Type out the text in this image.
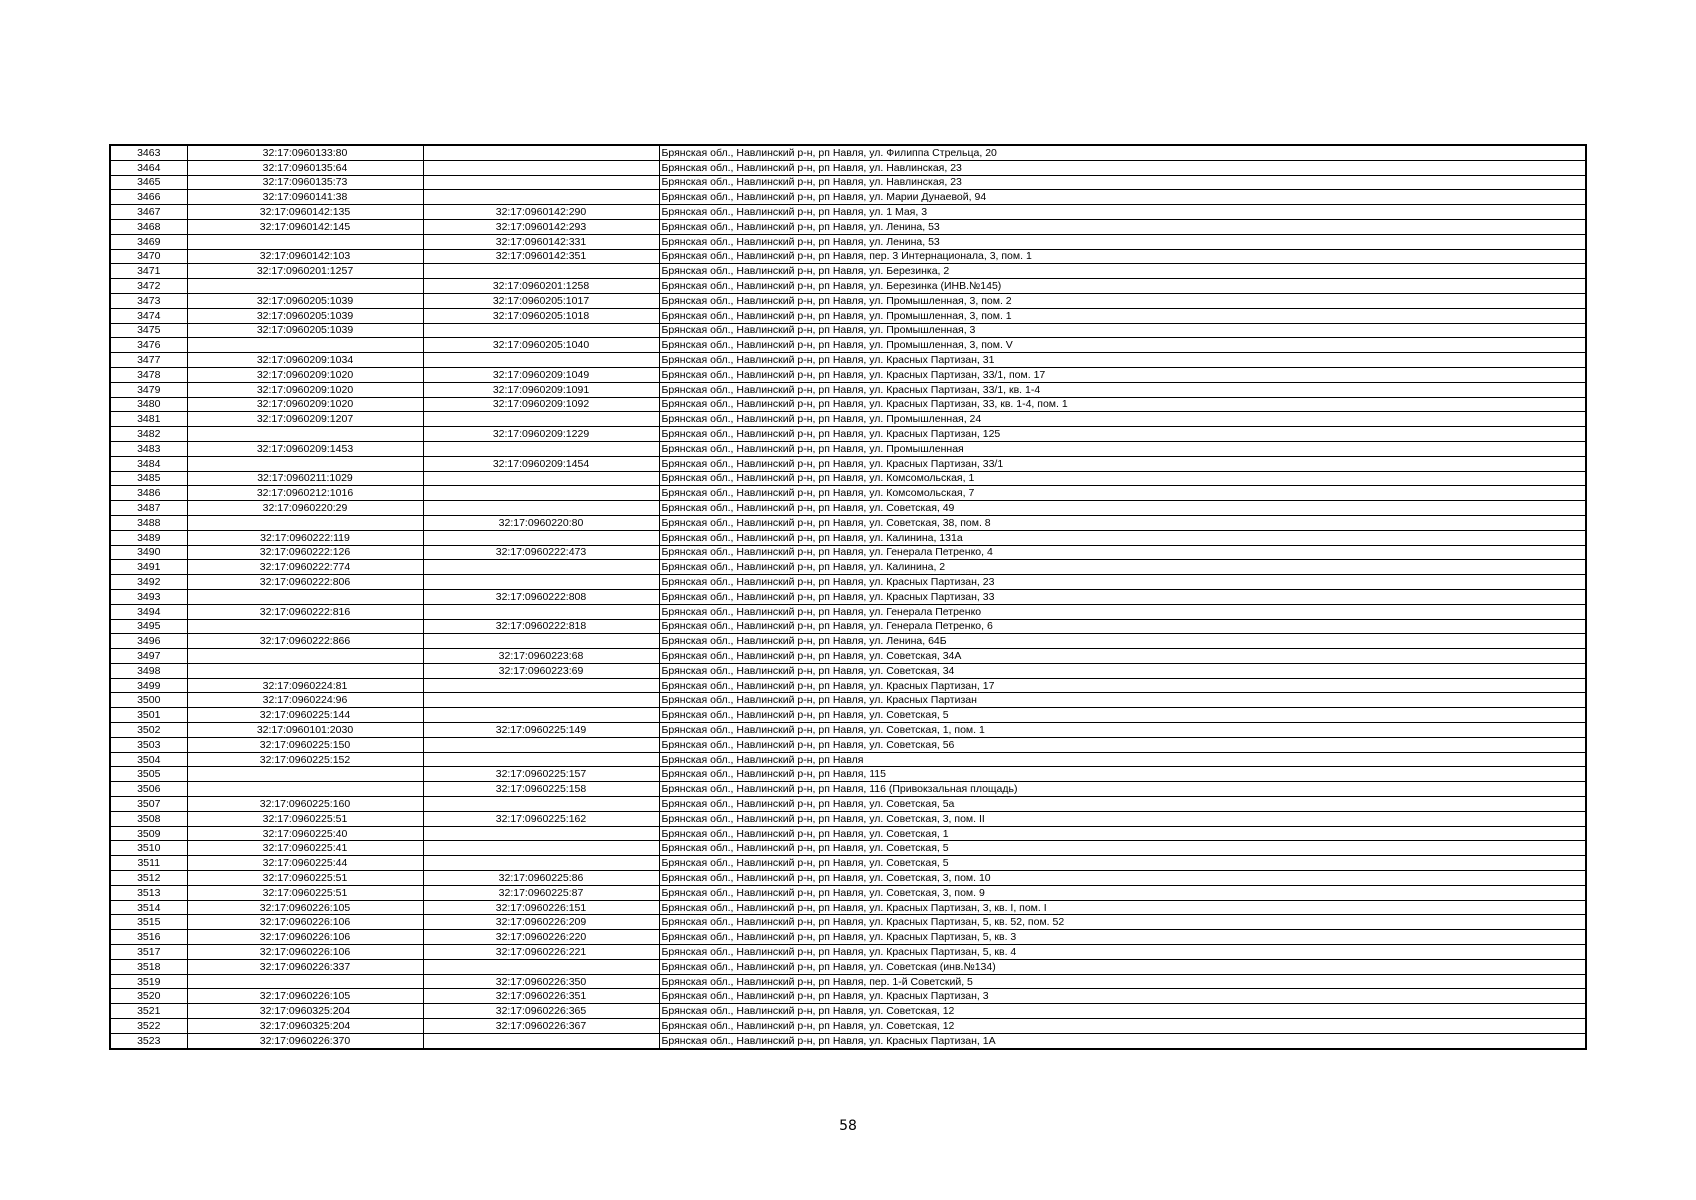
3463	32:17:0960133:80		Брянская обл., Навлинский р-н, рп Навля, ул. Филиппа Стрельца, 20
3464	32:17:0960135:64		Брянская обл., Навлинский р-н, рп Навля, ул. Навлинская, 23
3465	32:17:0960135:73		Брянская обл., Навлинский р-н, рп Навля, ул. Навлинская, 23
3466	32:17:0960141:38		Брянская обл., Навлинский р-н, рп Навля, ул. Марии Дунаевой, 94
3467	32:17:0960142:135	32:17:0960142:290	Брянская обл., Навлинский р-н, рп Навля, ул. 1 Мая, 3
3468	32:17:0960142:145	32:17:0960142:293	Брянская обл., Навлинский р-н, рп Навля, ул. Ленина, 53
3469		32:17:0960142:331	Брянская обл., Навлинский р-н, рп Навля, ул. Ленина, 53
3470	32:17:0960142:103	32:17:0960142:351	Брянская обл., Навлинский р-н, рп Навля, пер. 3 Интернационала, 3, пом. 1
3471	32:17:0960201:1257		Брянская обл., Навлинский р-н, рп Навля, ул. Березинка, 2
3472		32:17:0960201:1258	Брянская обл., Навлинский р-н, рп Навля, ул. Березинка (ИНВ.№145)
3473	32:17:0960205:1039	32:17:0960205:1017	Брянская обл., Навлинский р-н, рп Навля, ул. Промышленная, 3, пом. 2
3474	32:17:0960205:1039	32:17:0960205:1018	Брянская обл., Навлинский р-н, рп Навля, ул. Промышленная, 3, пом. 1
3475	32:17:0960205:1039		Брянская обл., Навлинский р-н, рп Навля, ул. Промышленная, 3
3476		32:17:0960205:1040	Брянская обл., Навлинский р-н, рп Навля, ул. Промышленная, 3, пом. V
3477	32:17:0960209:1034		Брянская обл., Навлинский р-н, рп Навля, ул. Красных Партизан, 31
3478	32:17:0960209:1020	32:17:0960209:1049	Брянская обл., Навлинский р-н, рп Навля, ул. Красных Партизан, 33/1, пом. 17
3479	32:17:0960209:1020	32:17:0960209:1091	Брянская обл., Навлинский р-н, рп Навля, ул. Красных Партизан, 33/1, кв. 1-4
3480	32:17:0960209:1020	32:17:0960209:1092	Брянская обл., Навлинский р-н, рп Навля, ул. Красных Партизан, 33, кв. 1-4, пом. 1
3481	32:17:0960209:1207		Брянская обл., Навлинский р-н, рп Навля, ул. Промышленная, 24
3482		32:17:0960209:1229	Брянская обл., Навлинский р-н, рп Навля, ул. Красных Партизан, 125
3483	32:17:0960209:1453		Брянская обл., Навлинский р-н, рп Навля, ул. Промышленная
3484		32:17:0960209:1454	Брянская обл., Навлинский р-н, рп Навля, ул. Красных Партизан, 33/1
3485	32:17:0960211:1029		Брянская обл., Навлинский р-н, рп Навля, ул. Комсомольская, 1
3486	32:17:0960212:1016		Брянская обл., Навлинский р-н, рп Навля, ул. Комсомольская, 7
3487	32:17:0960220:29		Брянская обл., Навлинский р-н, рп Навля, ул. Советская, 49
3488		32:17:0960220:80	Брянская обл., Навлинский р-н, рп Навля, ул. Советская, 38, пом. 8
3489	32:17:0960222:119		Брянская обл., Навлинский р-н, рп Навля, ул. Калинина, 131а
3490	32:17:0960222:126	32:17:0960222:473	Брянская обл., Навлинский р-н, рп Навля, ул. Генерала Петренко, 4
3491	32:17:0960222:774		Брянская обл., Навлинский р-н, рп Навля, ул. Калинина, 2
3492	32:17:0960222:806		Брянская обл., Навлинский р-н, рп Навля, ул. Красных Партизан, 23
3493		32:17:0960222:808	Брянская обл., Навлинский р-н, рп Навля, ул. Красных Партизан, 33
3494	32:17:0960222:816		Брянская обл., Навлинский р-н, рп Навля, ул. Генерала Петренко
3495		32:17:0960222:818	Брянская обл., Навлинский р-н, рп Навля, ул. Генерала Петренко, 6
3496	32:17:0960222:866		Брянская обл., Навлинский р-н, рп Навля, ул. Ленина, 64Б
3497		32:17:0960223:68	Брянская обл., Навлинский р-н, рп Навля, ул. Советская, 34А
3498		32:17:0960223:69	Брянская обл., Навлинский р-н, рп Навля, ул. Советская, 34
3499	32:17:0960224:81		Брянская обл., Навлинский р-н, рп Навля, ул. Красных Партизан, 17
3500	32:17:0960224:96		Брянская обл., Навлинский р-н, рп Навля, ул. Красных Партизан
3501	32:17:0960225:144		Брянская обл., Навлинский р-н, рп Навля, ул. Советская, 5
3502	32:17:0960101:2030	32:17:0960225:149	Брянская обл., Навлинский р-н, рп Навля, ул. Советская, 1, пом. 1
3503	32:17:0960225:150		Брянская обл., Навлинский р-н, рп Навля, ул. Советская, 56
3504	32:17:0960225:152		Брянская обл., Навлинский р-н, рп Навля
3505		32:17:0960225:157	Брянская обл., Навлинский р-н, рп Навля, 115
3506		32:17:0960225:158	Брянская обл., Навлинский р-н, рп Навля, 116 (Привокзальная площадь)
3507	32:17:0960225:160		Брянская обл., Навлинский р-н, рп Навля, ул. Советская, 5а
3508	32:17:0960225:51	32:17:0960225:162	Брянская обл., Навлинский р-н, рп Навля, ул. Советская, 3, пом. II
3509	32:17:0960225:40		Брянская обл., Навлинский р-н, рп Навля, ул. Советская, 1
3510	32:17:0960225:41		Брянская обл., Навлинский р-н, рп Навля, ул. Советская, 5
3511	32:17:0960225:44		Брянская обл., Навлинский р-н, рп Навля, ул. Советская, 5
3512	32:17:0960225:51	32:17:0960225:86	Брянская обл., Навлинский р-н, рп Навля, ул. Советская, 3, пом. 10
3513	32:17:0960225:51	32:17:0960225:87	Брянская обл., Навлинский р-н, рп Навля, ул. Советская, 3, пом. 9
3514	32:17:0960226:105	32:17:0960226:151	Брянская обл., Навлинский р-н, рп Навля, ул. Красных Партизан, 3, кв. I, пом. I
3515	32:17:0960226:106	32:17:0960226:209	Брянская обл., Навлинский р-н, рп Навля, ул. Красных Партизан, 5, кв. 52, пом. 52
3516	32:17:0960226:106	32:17:0960226:220	Брянская обл., Навлинский р-н, рп Навля, ул. Красных Партизан, 5, кв. 3
3517	32:17:0960226:106	32:17:0960226:221	Брянская обл., Навлинский р-н, рп Навля, ул. Красных Партизан, 5, кв. 4
3518	32:17:0960226:337		Брянская обл., Навлинский р-н, рп Навля, ул. Советская (инв.№134)
3519		32:17:0960226:350	Брянская обл., Навлинский р-н, рп Навля, пер. 1-й Советский, 5
3520	32:17:0960226:105	32:17:0960226:351	Брянская обл., Навлинский р-н, рп Навля, ул. Красных Партизан, 3
3521	32:17:0960325:204	32:17:0960226:365	Брянская обл., Навлинский р-н, рп Навля, ул. Советская, 12
3522	32:17:0960325:204	32:17:0960226:367	Брянская обл., Навлинский р-н, рп Навля, ул. Советская, 12
3523	32:17:0960226:370		Брянская обл., Навлинский р-н, рп Навля, ул. Красных Партизан, 1А
58
